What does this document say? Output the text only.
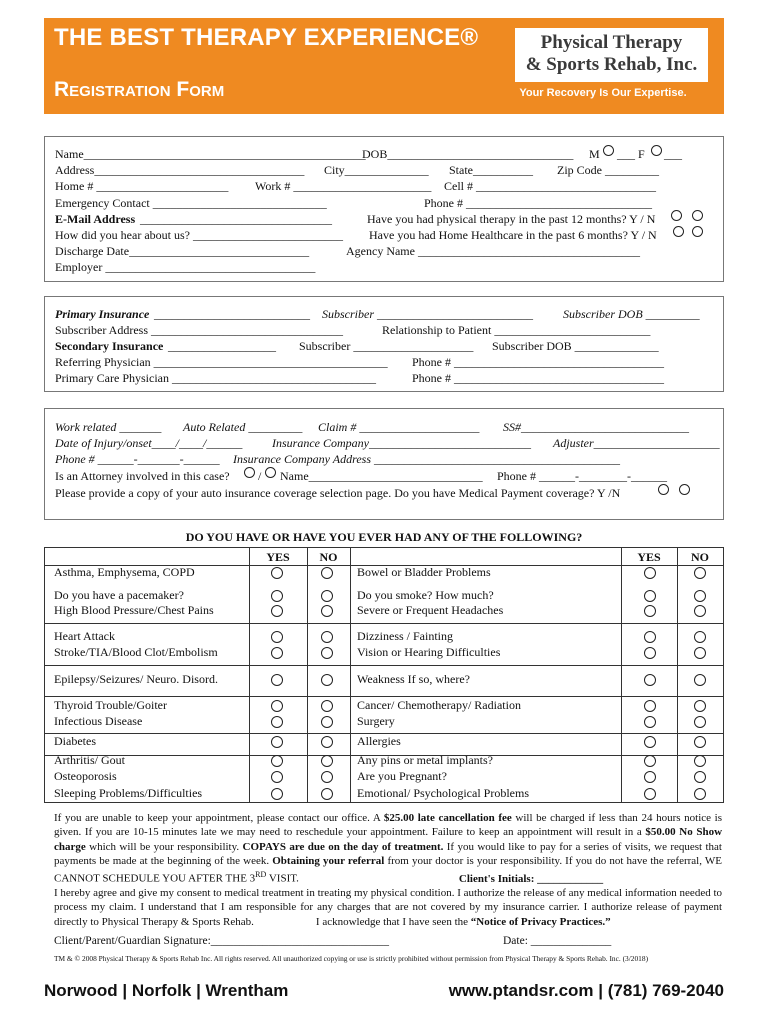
THE BEST THERAPY EXPERIENCE®
Registration Form
Physical Therapy
& Sports Rehab, Inc.
Your Recovery Is Our Expertise.
Name_______________________________________________
DOB_______________________________ M ___ F ___
Address___________________________________ City______________ State__________ Zip Code _________
Home # ______________________ Work # _______________________ Cell # ______________________________
Emergency Contact _____________________________	Phone # _______________________________
E-Mail Address ________________________________	Have you had physical therapy in the past 12 months? Y / N
How did you hear about us? _________________________ Have you had Home Healthcare in the past 6 months? Y / N
Discharge Date______________________________	Agency Name _____________________________________
Employer ___________________________________
Primary Insurance __________________________ Subscriber __________________________	Subscriber DOB _________
Subscriber Address ________________________________	Relationship to Patient __________________________
Secondary Insurance __________________ Subscriber ____________________ Subscriber DOB ______________
Referring Physician _______________________________________ Phone # ___________________________________
Primary Care Physician __________________________________	Phone # ___________________________________
Work related _______ Auto Related _________ Claim # ____________________ SS#____________________________
Date of Injury/onset____/____/______ Insurance Company___________________________ Adjuster_____________________
Phone # ______-_______-______ Insurance Company Address _________________________________________
Is an Attorney involved in this case? / Name_____________________________ Phone # ______-________-______
Please provide a copy of your auto insurance coverage selection page. Do you have Medical Payment coverage? Y /N
DO YOU HAVE OR HAVE YOU EVER HAD ANY OF THE FOLLOWING?
YES	NO	YES	NO
Asthma, Emphysema, COPD	Bowel or Bladder Problems
Do you have a pacemaker?	Do you smoke? How much?
High Blood Pressure/Chest Pains	Severe or Frequent Headaches
Heart Attack	Dizziness / Fainting
Stroke/TIA/Blood Clot/Embolism	Vision or Hearing Difficulties
Epilepsy/Seizures/ Neuro. Disord.	Weakness If so, where?
Thyroid Trouble/Goiter	Cancer/ Chemotherapy/ Radiation
Infectious Disease	Surgery
Diabetes	Allergies
Arthritis/ Gout	Any pins or metal implants?
Osteoporosis	Are you Pregnant?
Sleeping Problems/Difficulties	Emotional/ Psychological Problems
If you are unable to keep your appointment, please contact our office. A $25.00 late cancellation fee will be charged if less than 24 hours notice is given. If you are 10-15 minutes late we may need to reschedule your appointment. Failure to keep an appointment will result in a $50.00 No Show charge which will be your responsibility. COPAYS are due on the day of treatment. If you would like to pay for a series of visits, we request that payments be made at the beginning of the week. Obtaining your referral from your doctor is your responsibility. If you do not have the referral, WE CANNOT SCHEDULE YOU AFTER THE 3RD VISIT.	Client's Initials: ____________
I hereby agree and give my consent to medical treatment in treating my physical condition. I authorize the release of any medical information needed to process my claim. I understand that I am responsible for any charges that are not covered by my insurance carrier. I authorize release of payment directly to Physical Therapy & Sports Rehab.	I acknowledge that I have seen the “Notice of Privacy Practices.”
Client/Parent/Guardian Signature:_______________________________	Date: ______________
TM & © 2008 Physical Therapy & Sports Rehab Inc. All rights reserved. All unauthorized copying or use is strictly prohibited without permission from Physical Therapy & Sports Rehab. Inc. (3/2018)
Norwood | Norfolk | Wrentham	www.ptandsr.com | (781) 769-2040
